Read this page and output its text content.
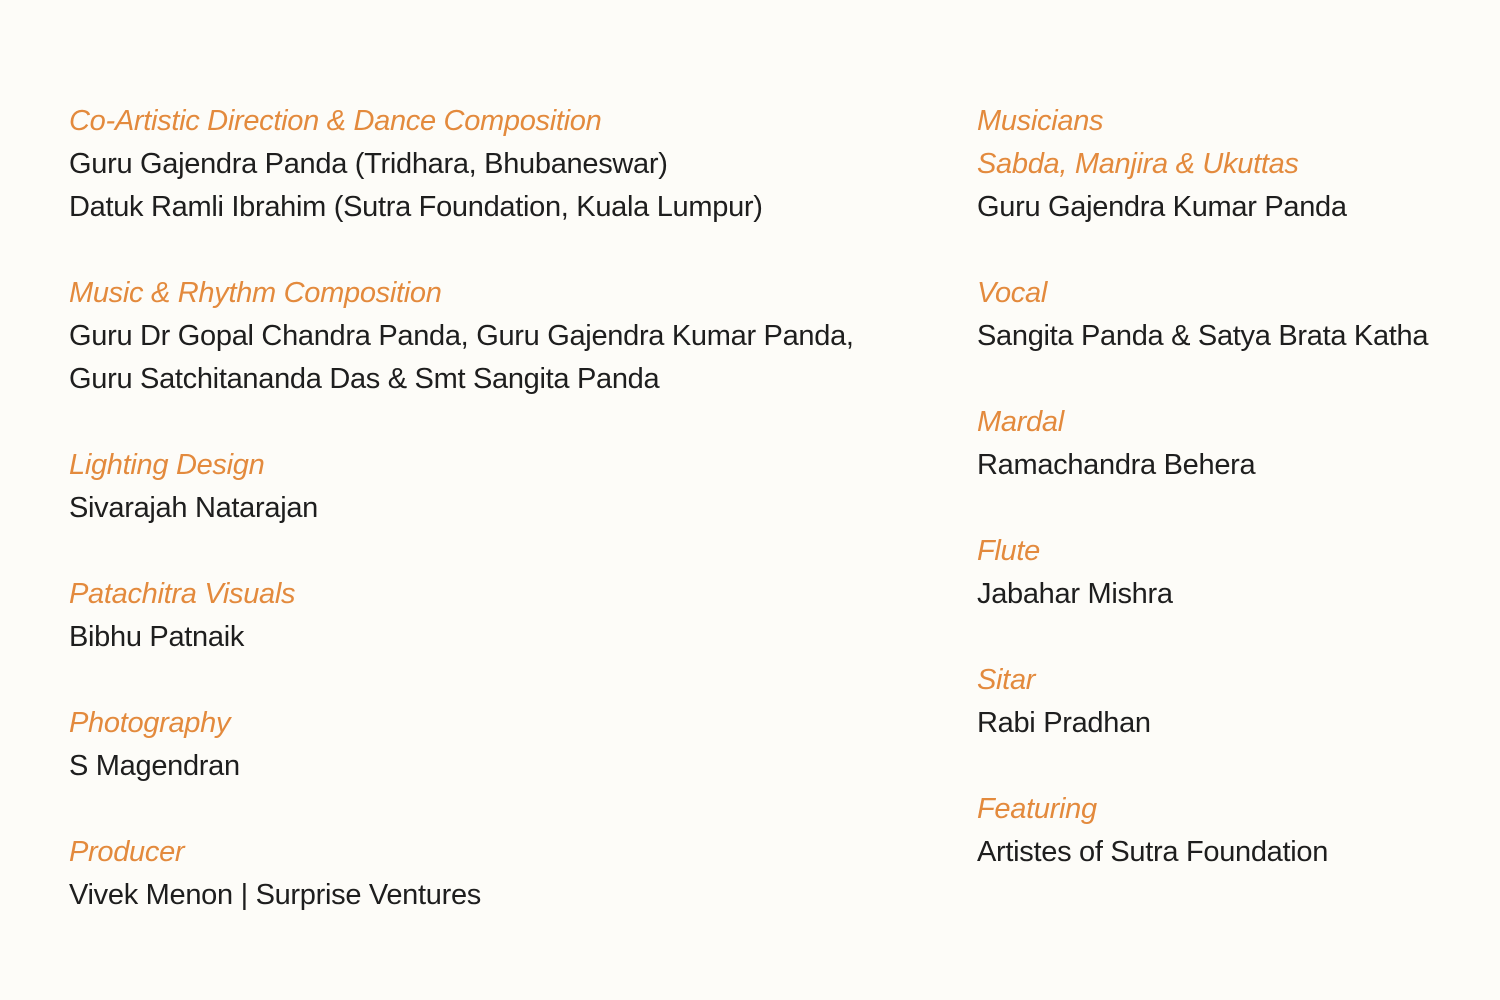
Co-Artistic Direction & Dance Composition
Guru Gajendra Panda (Tridhara, Bhubaneswar)
Datuk Ramli Ibrahim (Sutra Foundation, Kuala Lumpur)
Music & Rhythm Composition
Guru Dr Gopal Chandra Panda, Guru Gajendra Kumar Panda,
Guru Satchitananda Das & Smt Sangita Panda
Lighting Design
Sivarajah Natarajan
Patachitra Visuals
Bibhu Patnaik
Photography
S Magendran
Producer
Vivek Menon | Surprise Ventures
Musicians
Sabda, Manjira & Ukuttas
Guru Gajendra Kumar Panda
Vocal
Sangita Panda & Satya Brata Katha
Mardal
Ramachandra Behera
Flute
Jabahar Mishra
Sitar
Rabi Pradhan
Featuring
Artistes of Sutra Foundation
